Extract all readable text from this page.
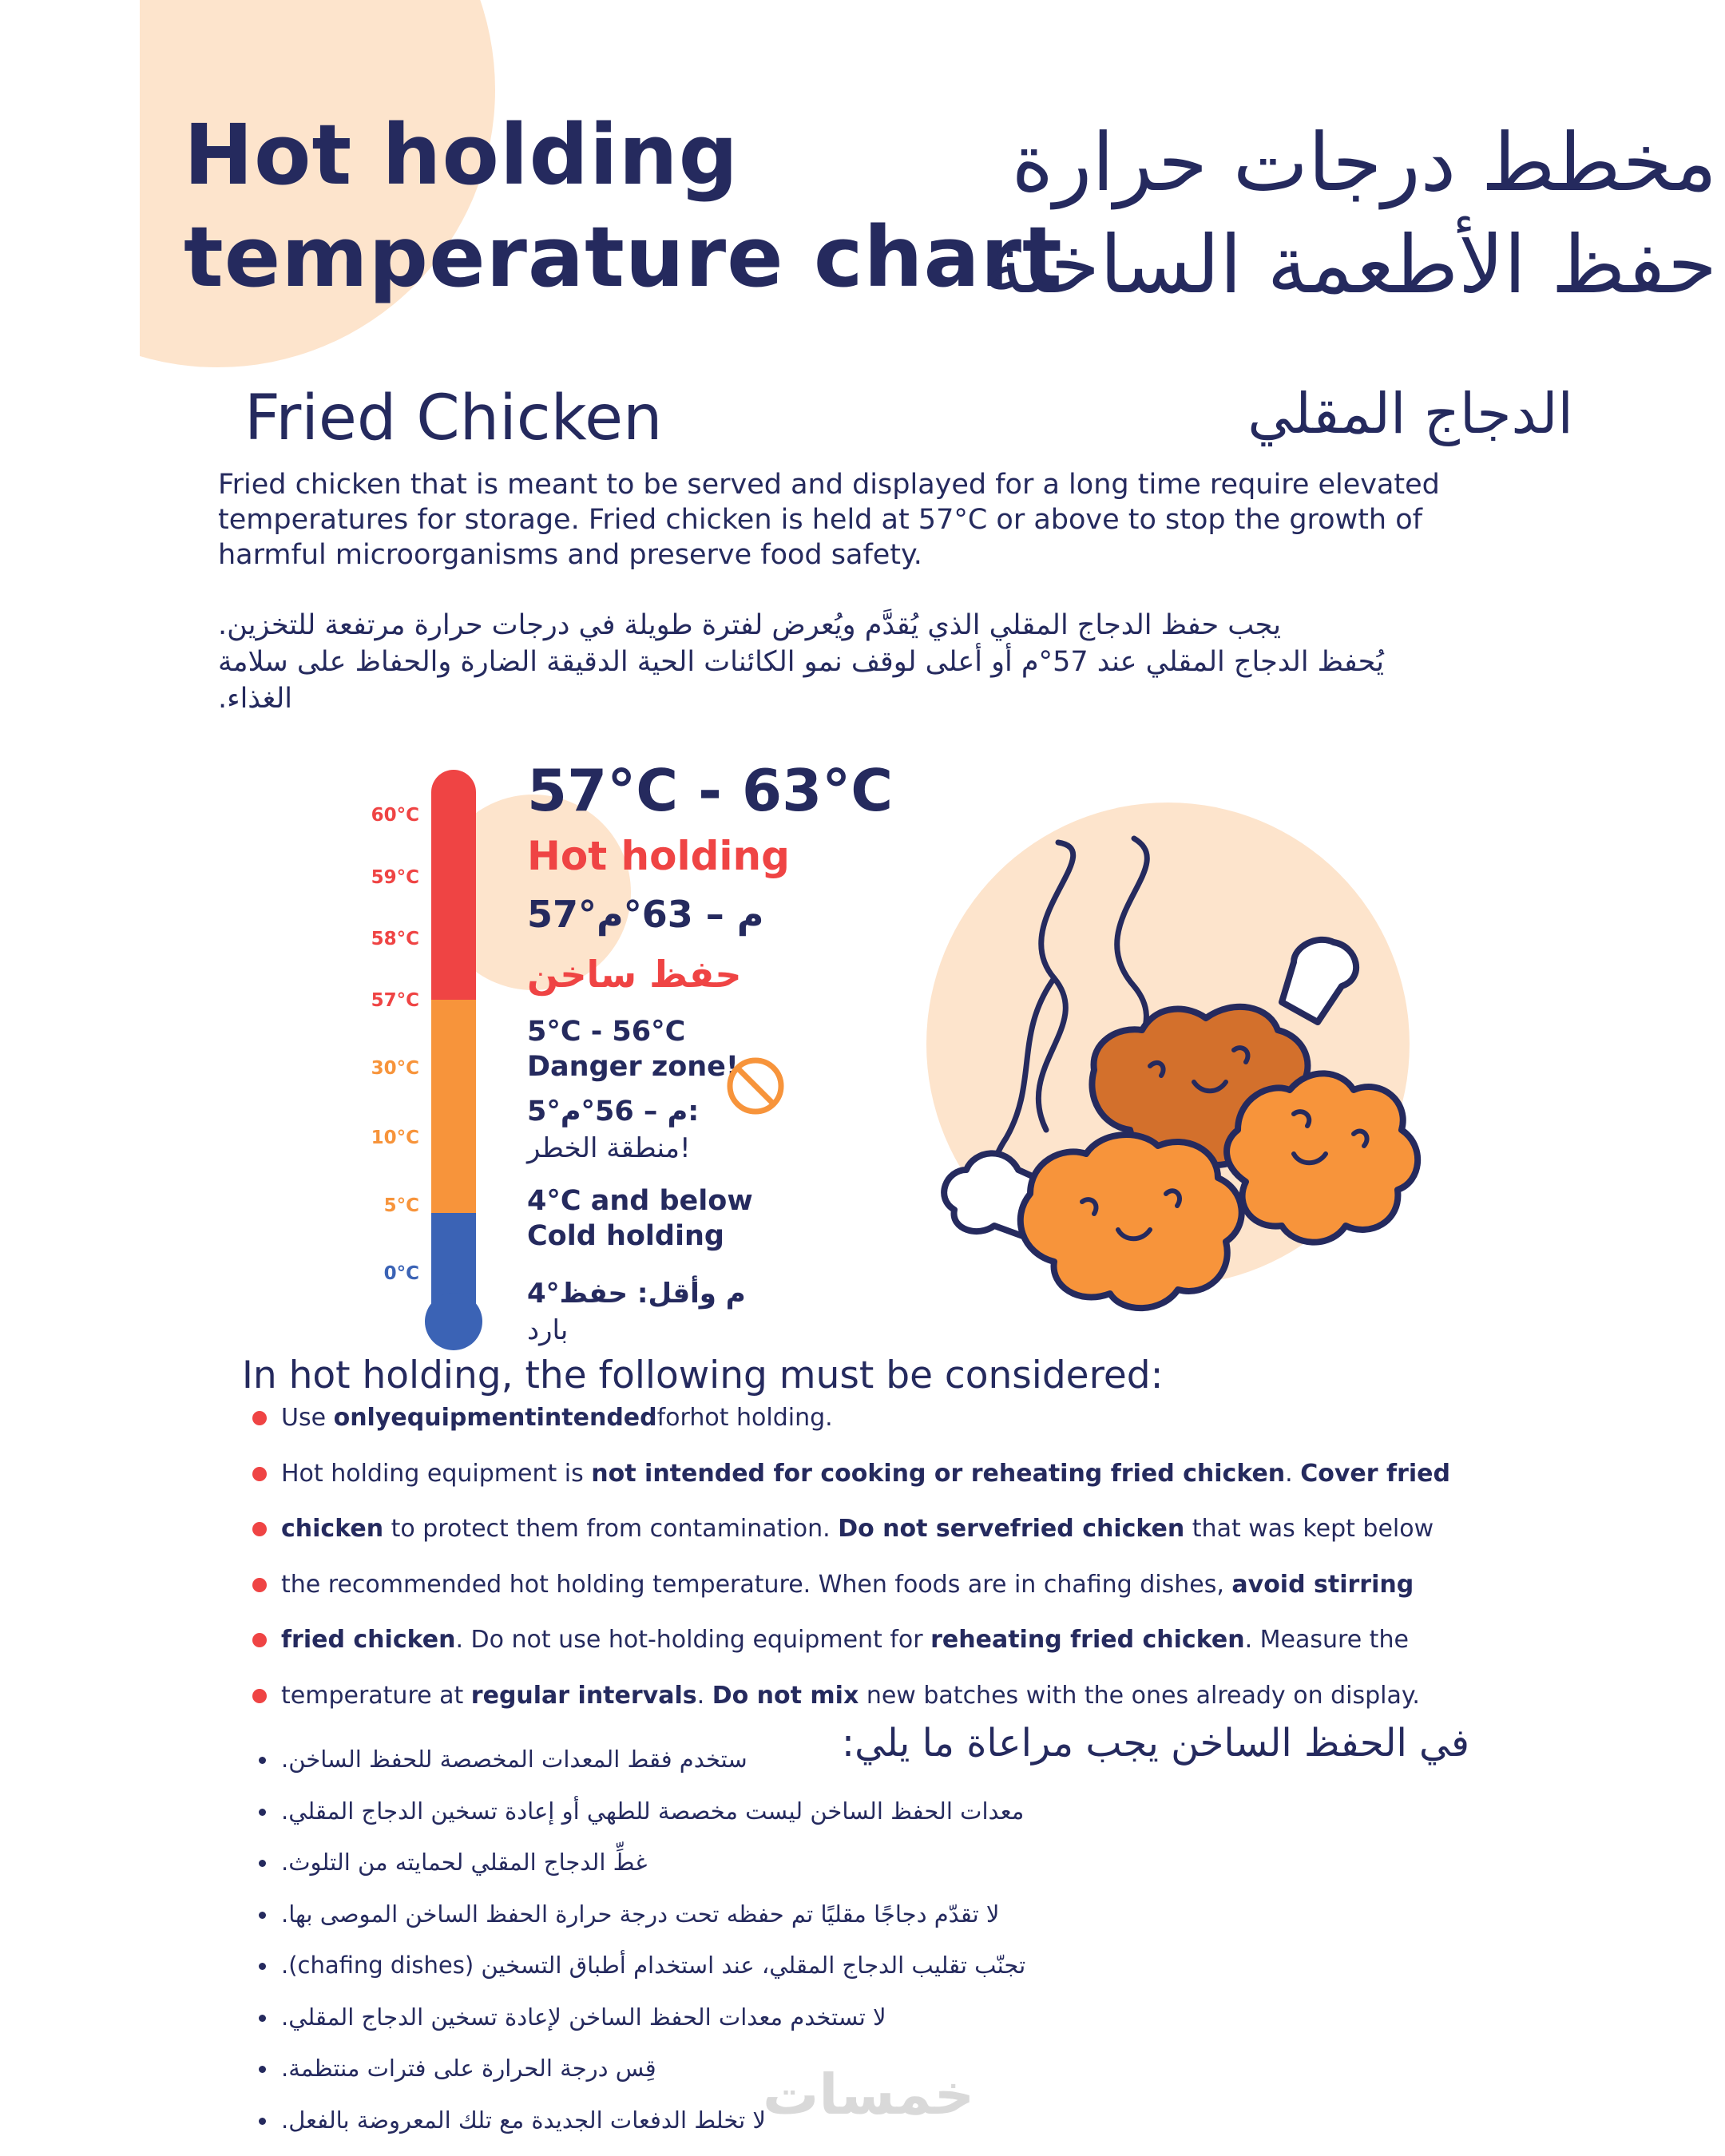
Hot holding
temperature chart
مخطط درجات حرارة
حفظ الأطعمة الساخنة
Fried Chicken	الدجاج المقلي
Fried chicken that is meant to be served and displayed for a long time require elevated temperatures for storage. Fried chicken is held at 57°C or above to stop the growth of harmful microorganisms and preserve food safety.
يجب حفظ الدجاج المقلي الذي يُقدَّم ويُعرض لفترة طويلة في درجات حرارة مرتفعة للتخزين.
يُحفظ الدجاج المقلي عند 57°م أو أعلى لوقف نمو الكائنات الحية الدقيقة الضارة والحفاظ على سلامة الغذاء.
60°C
59°C
58°C
57°C
30°C
10°C
5°C
0°C
57°C - 63°C
Hot holding
57°م – 63°م
حفظ ساخن
5°C - 56°C
Danger zone!
5°م – 56°م:
منطقة الخطر!
4°C and below
Cold holding
4°م وأقل: حفظ
بارد
In hot holding, the following must be considered:
Use onlyequipmentintendedforhot holding.
Hot holding equipment is not intended for cooking or reheating fried chicken. Cover fried
chicken to protect them from contamination. Do not servefried chicken that was kept below
the recommended hot holding temperature. When foods are in chafing dishes, avoid stirring
fried chicken. Do not use hot-holding equipment for reheating fried chicken. Measure the
temperature at regular intervals. Do not mix new batches with the ones already on display.
في الحفظ الساخن يجب مراعاة ما يلي:
ستخدم فقط المعدات المخصصة للحفظ الساخن.
معدات الحفظ الساخن ليست مخصصة للطهي أو إعادة تسخين الدجاج المقلي.
غطِّ الدجاج المقلي لحمايته من التلوث.
لا تقدّم دجاجًا مقليًا تم حفظه تحت درجة حرارة الحفظ الساخن الموصى بها.
تجنّب تقليب الدجاج المقلي، عند استخدام أطباق التسخين (chafing dishes).
لا تستخدم معدات الحفظ الساخن لإعادة تسخين الدجاج المقلي.
قِس درجة الحرارة على فترات منتظمة.
لا تخلط الدفعات الجديدة مع تلك المعروضة بالفعل.
خمسات
